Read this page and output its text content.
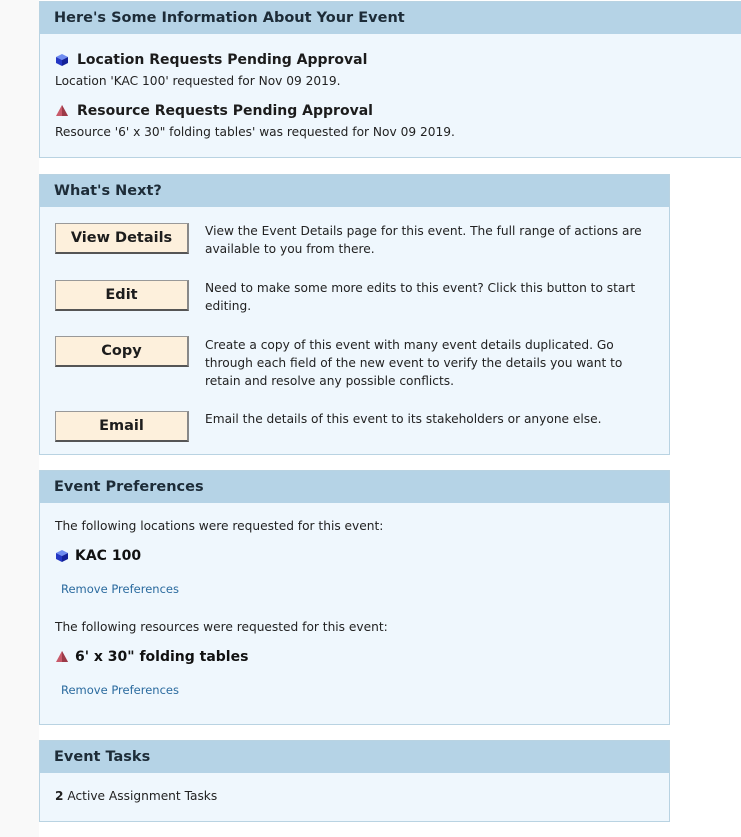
Here's Some Information About Your Event
Location Requests Pending Approval
Location 'KAC 100' requested for Nov 09 2019.
Resource Requests Pending Approval
Resource '6' x 30" folding tables' was requested for Nov 09 2019.
What's Next?
View Details	View the Event Details page for this event. The full range of actions are available to you from there.
Edit	Need to make some more edits to this event? Click this button to start editing.
Copy	Create a copy of this event with many event details duplicated. Go through each field of the new event to verify the details you want to retain and resolve any possible conflicts.
Email	Email the details of this event to its stakeholders or anyone else.
Event Preferences
The following locations were requested for this event:
KAC 100
Remove Preferences
The following resources were requested for this event:
6' x 30" folding tables
Remove Preferences
Event Tasks
2 Active Assignment Tasks
